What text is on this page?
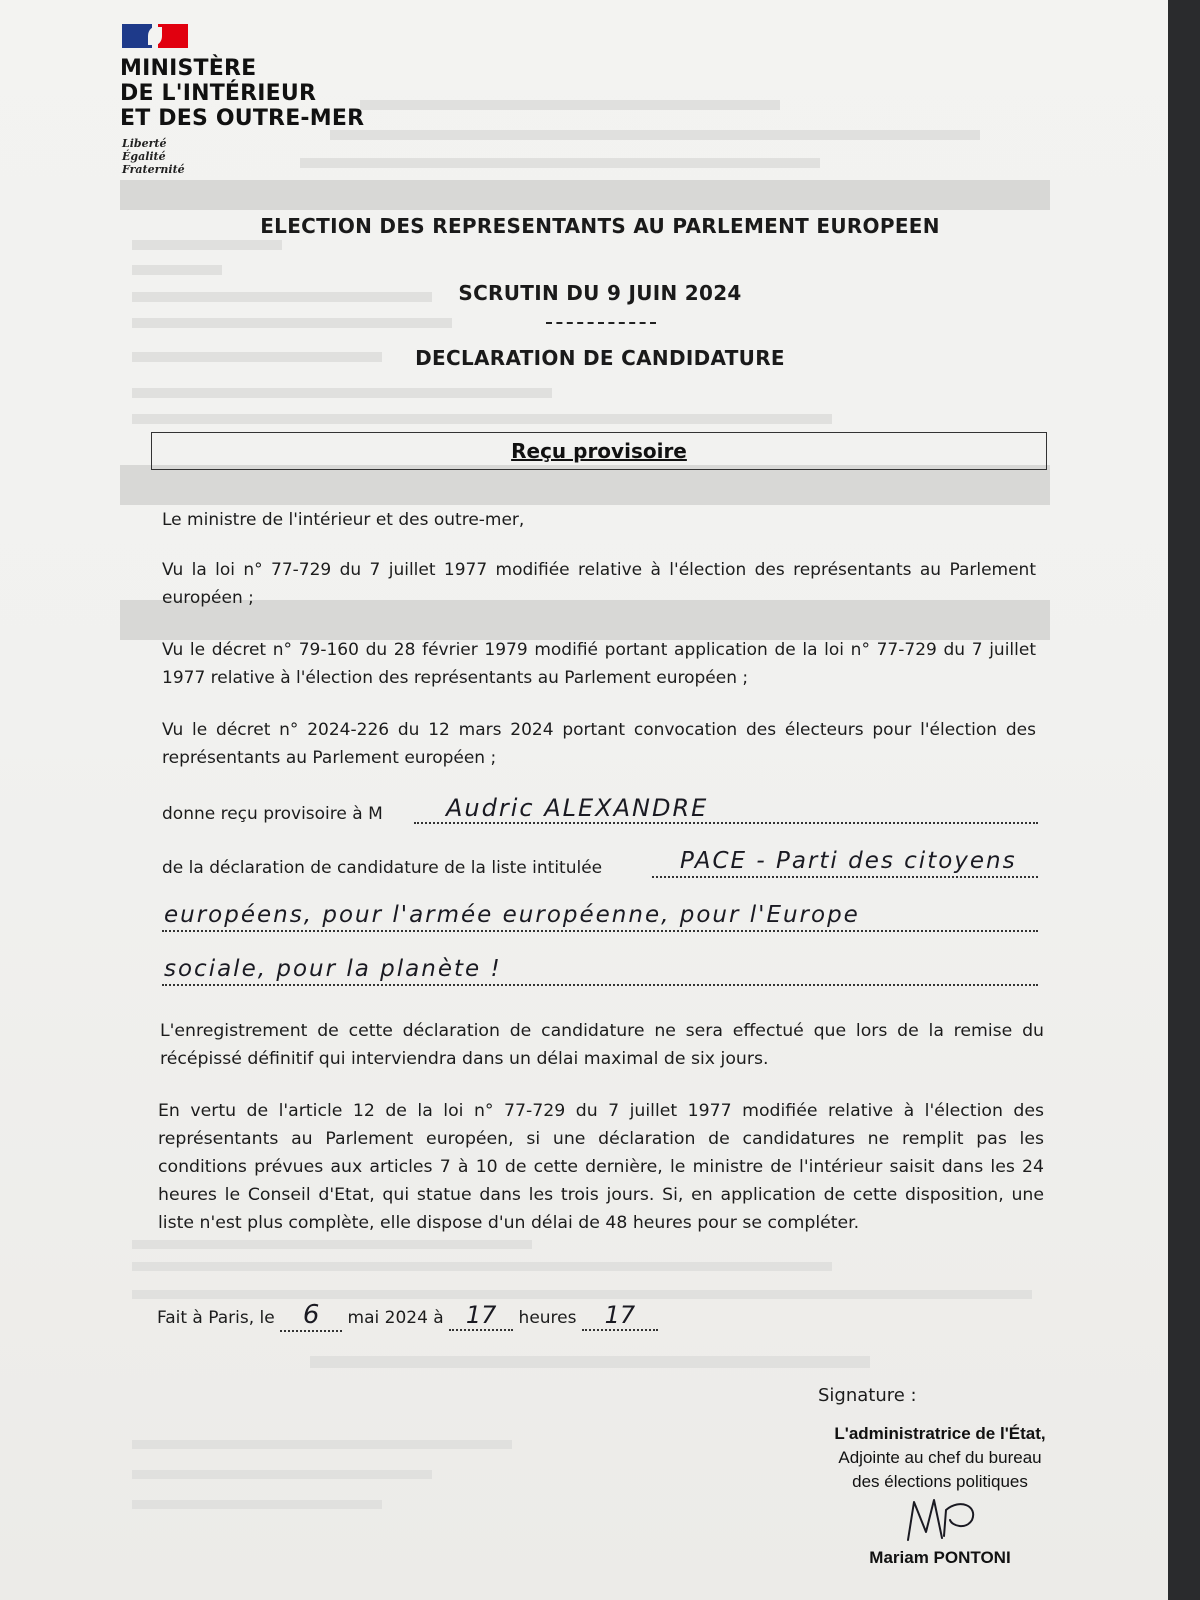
MINISTÈRE
DE L'INTÉRIEUR
ET DES OUTRE-MER
Liberté
Égalité
Fraternité
ELECTION DES REPRESENTANTS AU PARLEMENT EUROPEEN
SCRUTIN DU 9 JUIN 2024
DECLARATION DE CANDIDATURE
Reçu provisoire
Le ministre de l'intérieur et des outre-mer,
Vu la loi n° 77-729 du 7 juillet 1977 modifiée relative à l'élection des représentants au Parlement européen ;
Vu le décret n° 79-160 du 28 février 1979 modifié portant application de la loi n° 77-729 du 7 juillet 1977 relative à l'élection des représentants au Parlement européen ;
Vu le décret n° 2024-226 du 12 mars 2024 portant convocation des électeurs pour l'élection des représentants au Parlement européen ;
donne reçu provisoire à M	Audric ALEXANDRE
de la déclaration de candidature de la liste intitulée	PACE - Parti des citoyens
européens, pour l'armée européenne, pour l'Europe
sociale, pour la planète !
L'enregistrement de cette déclaration de candidature ne sera effectué que lors de la remise du récépissé définitif qui interviendra dans un délai maximal de six jours.
En vertu de l'article 12 de la loi n° 77-729 du 7 juillet 1977 modifiée relative à l'élection des représentants au Parlement européen, si une déclaration de candidatures ne remplit pas les conditions prévues aux articles 7 à 10 de cette dernière, le ministre de l'intérieur saisit dans les 24 heures le Conseil d'Etat, qui statue dans les trois jours. Si, en application de cette disposition, une liste n'est plus complète, elle dispose d'un délai de 48 heures pour se compléter.
Fait à Paris, le 6 mai 2024 à 17 heures 17
Signature :
L'administratrice de l'État,
Adjointe au chef du bureau
des élections politiques
Mariam PONTONI
